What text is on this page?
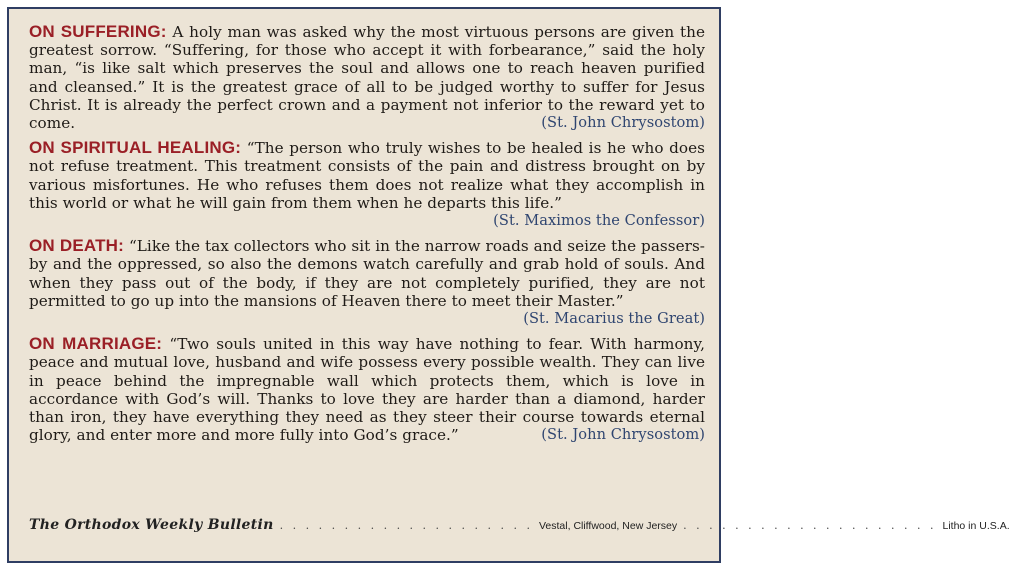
ON SUFFERING: A holy man was asked why the most virtuous persons are given the greatest sorrow. “Suffering, for those who accept it with forbearance,” said the holy man, “is like salt which preserves the soul and allows one to reach heaven purified and cleansed.” It is the greatest grace of all to be judged worthy to suffer for Jesus Christ. It is already the perfect crown and a payment not inferior to the reward yet to come.	(St. John Chrysostom)

ON SPIRITUAL HEALING: “The person who truly wishes to be healed is he who does not refuse treatment. This treatment consists of the pain and distress brought on by various misfortunes. He who refuses them does not realize what they accomplish in this world or what he will gain from them when he departs this life.”
(St. Maximos the Confessor)

ON DEATH: “Like the tax collectors who sit in the narrow roads and seize the passers-by and the oppressed, so also the demons watch carefully and grab hold of souls. And when they pass out of the body, if they are not completely purified, they are not permitted to go up into the mansions of Heaven there to meet their Master.”
(St. Macarius the Great)

ON MARRIAGE: “Two souls united in this way have nothing to fear. With harmony, peace and mutual love, husband and wife possess every possible wealth. They can live in peace behind the impregnable wall which protects them, which is love in accordance with God’s will. Thanks to love they are harder than a diamond, harder than iron, they have everything they need as they steer their course towards eternal glory, and enter more and more fully into God’s grace.”	(St. John Chrysostom)

The Orthodox Weekly Bulletin . . . . . . . . . . . . . . . . . . . . Vestal, Cliffwood, New Jersey . . . . . . . . . . . . . . . . . . . . Litho in U.S.A.
